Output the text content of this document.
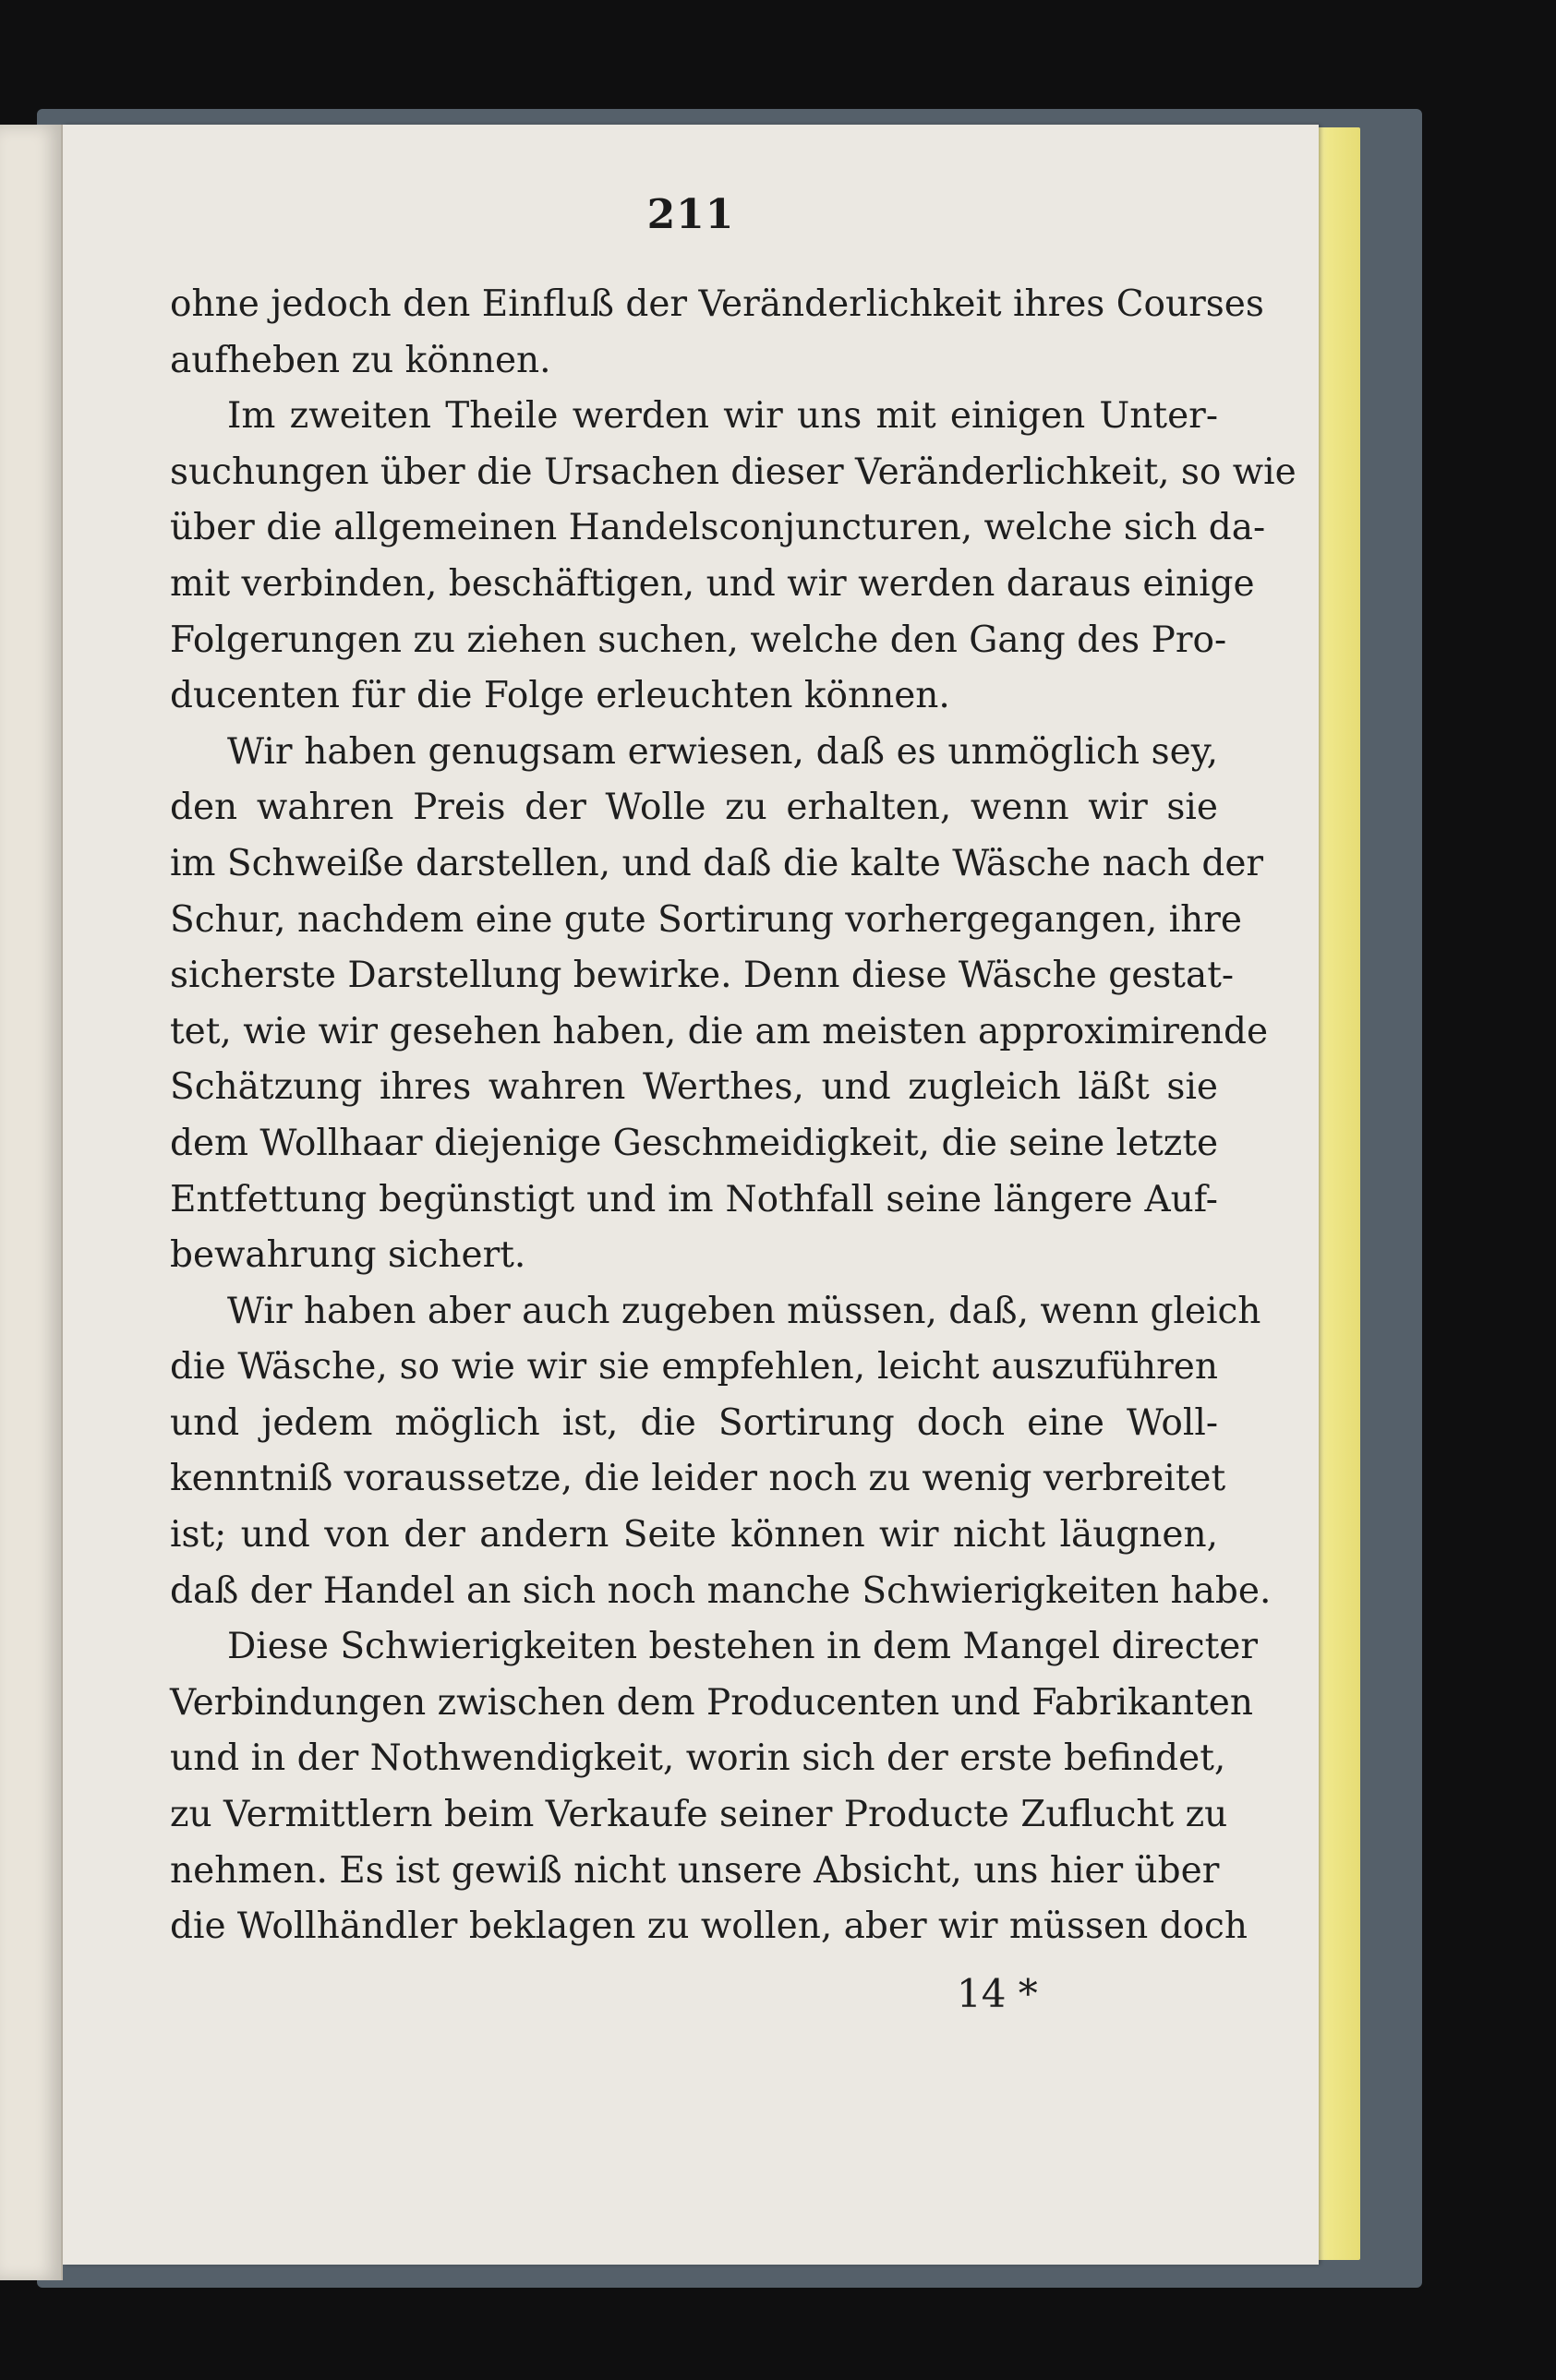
211
ohne jedoch den Einfluß der Veränderlichkeit ihres Courses
aufheben zu können.
Im zweiten Theile werden wir uns mit einigen Unter-
suchungen über die Ursachen dieser Veränderlichkeit, so wie
über die allgemeinen Handelsconjuncturen, welche sich da-
mit verbinden, beschäftigen, und wir werden daraus einige
Folgerungen zu ziehen suchen, welche den Gang des Pro-
ducenten für die Folge erleuchten können.
Wir haben genugsam erwiesen, daß es unmöglich sey,
den wahren Preis der Wolle zu erhalten, wenn wir sie
im Schweiße darstellen, und daß die kalte Wäsche nach der
Schur, nachdem eine gute Sortirung vorhergegangen, ihre
sicherste Darstellung bewirke. Denn diese Wäsche gestat-
tet, wie wir gesehen haben, die am meisten approximirende
Schätzung ihres wahren Werthes, und zugleich läßt sie
dem Wollhaar diejenige Geschmeidigkeit, die seine letzte
Entfettung begünstigt und im Nothfall seine längere Auf-
bewahrung sichert.
Wir haben aber auch zugeben müssen, daß, wenn gleich
die Wäsche, so wie wir sie empfehlen, leicht auszuführen
und jedem möglich ist, die Sortirung doch eine Woll-
kenntniß voraussetze, die leider noch zu wenig verbreitet
ist; und von der andern Seite können wir nicht läugnen,
daß der Handel an sich noch manche Schwierigkeiten habe.
Diese Schwierigkeiten bestehen in dem Mangel directer
Verbindungen zwischen dem Producenten und Fabrikanten
und in der Nothwendigkeit, worin sich der erste befindet,
zu Vermittlern beim Verkaufe seiner Producte Zuflucht zu
nehmen. Es ist gewiß nicht unsere Absicht, uns hier über
die Wollhändler beklagen zu wollen, aber wir müssen doch
14 *
